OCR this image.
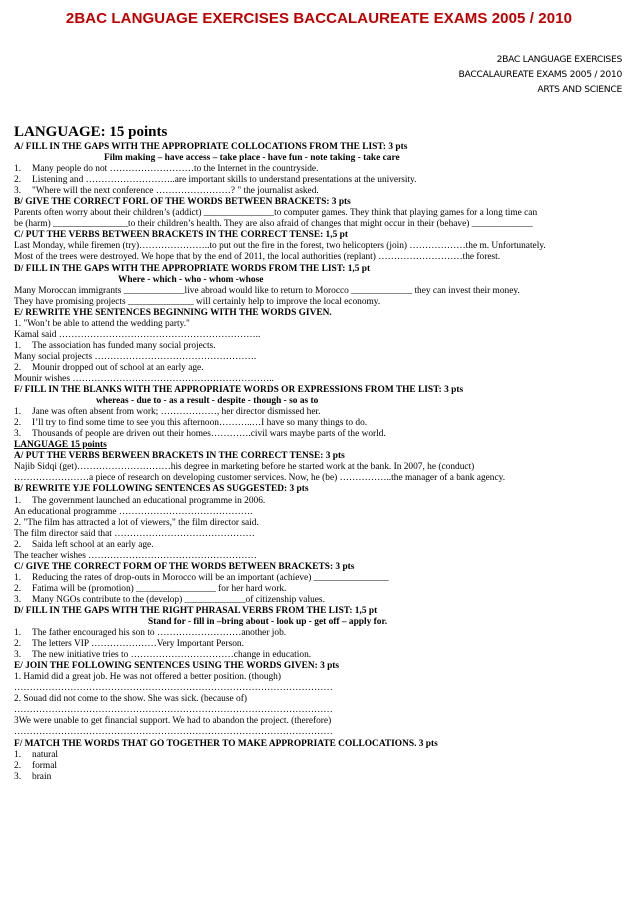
2BAC LANGUAGE EXERCISES BACCALAUREATE EXAMS 2005 / 2010
2BAC LANGUAGE EXERCISES
BACCALAUREATE EXAMS 2005 / 2010
ARTS AND SCIENCE
LANGUAGE: 15 points
A/ FILL IN THE GAPS WITH THE APPROPRIATE COLLOCATIONS FROM THE LIST: 3 pts
Film making – have access – take place - have fun - note taking - take care
1. Many people do not ………………………to the Internet in the countryside.
2. Listening and ………………………..are important skills to understand presentations at the university.
3. "Where will the next conference ……………………? " the journalist asked.
B/ GIVE THE CORRECT FORL OF THE WORDS BETWEEN BRACKETS: 3 pts
Parents often worry about their children’s (addict) _______________to computer games. They think that playing games for a long time can
be (harm) ________________to their children’s health. They are also afraid of changes that might occur in their (behave) _____________
C/ PUT THE VERBS BETWEEN BRACKETS IN THE CORRECT TENSE: 1,5 pt
Last Monday, while firemen (try)…………………..to put out the fire in the forest, two helicopters (join) ………………the m. Unfortunately.
Most of the trees were destroyed. We hope that by the end of 2011, the local authorities (replant) ………………………the forest.
D/ FILL IN THE GAPS WITH THE APPROPRIATE WORDS FROM THE LIST: 1,5 pt
Where - which - who - whom -whose
Many Moroccan immigrants _____________live abroad would like to return to Morocco _____________ they can invest their money.
They have promising projects ______________ will certainly help to improve the local economy.
E/ REWRITE YHE SENTENCES BEGINNING WITH THE WORDS GIVEN.
1. "Won’t be able to attend the wedding party."
Kamal said ………………………………………………………..
1. The association has funded many social projects.
Many social projects …………………………………………….
2. Mounir dropped out of school at an early age.
Mounir wishes ………………………………………………………..
F/ FILL IN THE BLANKS WITH THE APPROPRIATE WORDS OR EXPRESSIONS FROM THE LIST: 3 pts
whereas - due to - as a result - despite - though - so as to
1. Jane was often absent from work; ………………, her director dismissed her.
2. I’ll try to find some time to see you this afternoon………..…I have so many things to do.
3. Thousands of people are driven out their homes………….civil wars maybe parts of the world.
LANGUAGE 15 points
A/ PUT THE VERBS BERWEEN BRACKETS IN THE CORRECT TENSE: 3 pts
Najib Sidqi (get)…………………………his degree in marketing before he started work at the bank. In 2007, he (conduct)
……………………a piece of research on developing customer services. Now, he (be) ……………..the manager of a bank agency.
B/ REWRITE YJE FOLLOWING SENTENCES AS SUGGESTED: 3 pts
1. The government launched an educational programme in 2006.
An educational programme …………………………………….
2. "The film has attracted a lot of viewers," the film director said.
The film director said that ………………………………………
2. Saida left school at an early age.
The teacher wishes ………………………………………………
C/ GIVE THE CORRECT FORM OF THE WORDS BETWEEN BRACKETS: 3 pts
1. Reducing the rates of drop-outs in Morocco will be an important (achieve) ________________
2. Fatima will be (promotion) _________________ for her hard work.
3. Many NGOs contribute to the (develop) _____________of citizenship values.
D/ FILL IN THE GAPS WITH THE RIGHT PHRASAL VERBS FROM THE LIST: 1,5 pt
Stand for - fill in –bring about - look up - get off – apply for.
1. The father encouraged his son to ………………………another job.
2. The letters VIP …………………Very Important Person.
3. The new initiative tries to ……………………………change in education.
E/ JOIN THE FOLLOWING SENTENCES USING THE WORDS GIVEN: 3 pts
1. Hamid did a great job. He was not offered a better position. (though)
…………………………………………………………………………………………
2. Souad did not come to the show. She was sick. (because of)
…………………………………………………………………………………………
3We were unable to get financial support. We had to abandon the project. (therefore)
…………………………………………………………………………………………
F/ MATCH THE WORDS THAT GO TOGETHER TO MAKE APPROPRIATE COLLOCATIONS. 3 pts
1. natural
2. formal
3. brain
